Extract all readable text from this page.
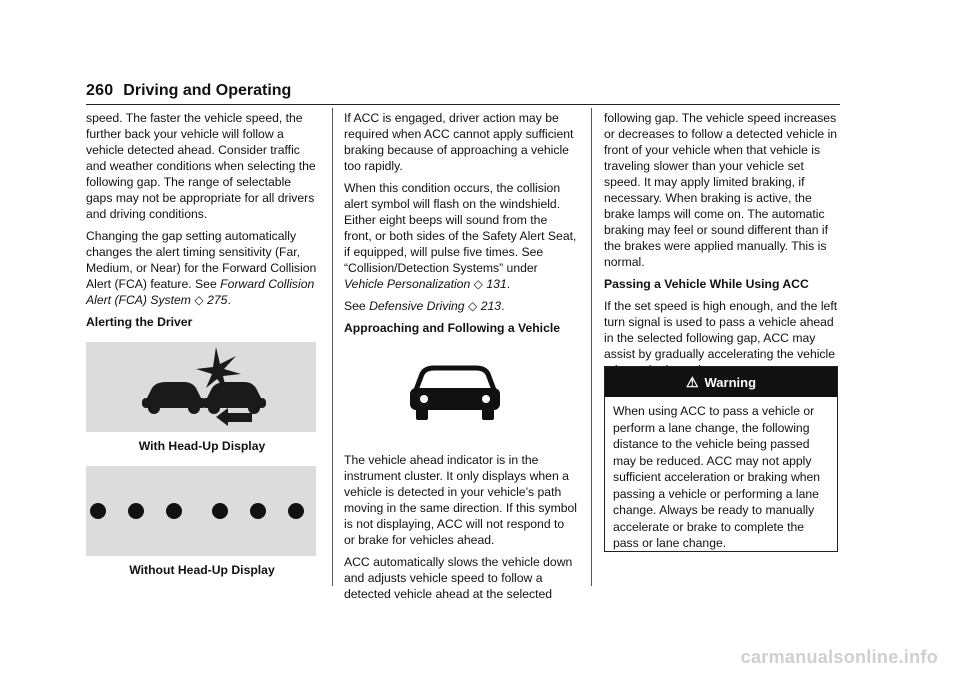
260 Driving and Operating

speed. The faster the vehicle speed, the further back your vehicle will follow a vehicle detected ahead. Consider traffic and weather conditions when selecting the following gap. The range of selectable gaps may not be appropriate for all drivers and driving conditions.

Changing the gap setting automatically changes the alert timing sensitivity (Far, Medium, or Near) for the Forward Collision Alert (FCA) feature. See Forward Collision Alert (FCA) System ◇ 275.

Alerting the Driver
With Head-Up Display
Without Head-Up Display

If ACC is engaged, driver action may be required when ACC cannot apply sufficient braking because of approaching a vehicle too rapidly.

When this condition occurs, the collision alert symbol will flash on the windshield. Either eight beeps will sound from the front, or both sides of the Safety Alert Seat, if equipped, will pulse five times. See “Collision/Detection Systems” under Vehicle Personalization ◇ 131.

See Defensive Driving ◇ 213.

Approaching and Following a Vehicle

The vehicle ahead indicator is in the instrument cluster. It only displays when a vehicle is detected in your vehicle’s path moving in the same direction. If this symbol is not displaying, ACC will not respond to or brake for vehicles ahead.

ACC automatically slows the vehicle down and adjusts vehicle speed to follow a detected vehicle ahead at the selected

following gap. The vehicle speed increases or decreases to follow a detected vehicle in front of your vehicle when that vehicle is traveling slower than your vehicle set speed. It may apply limited braking, if necessary. When braking is active, the brake lamps will come on. The automatic braking may feel or sound different than if the brakes were applied manually. This is normal.

Passing a Vehicle While Using ACC

If the set speed is high enough, and the left turn signal is used to pass a vehicle ahead in the selected following gap, ACC may assist by gradually accelerating the vehicle

⚠ Warning
When using ACC to pass a vehicle or perform a lane change, the following distance to the vehicle being passed may be reduced. ACC may not apply sufficient acceleration or braking when passing a vehicle or performing a lane change. Always be ready to manually accelerate or brake to complete the pass or lane change.
carmanualsonline.info
